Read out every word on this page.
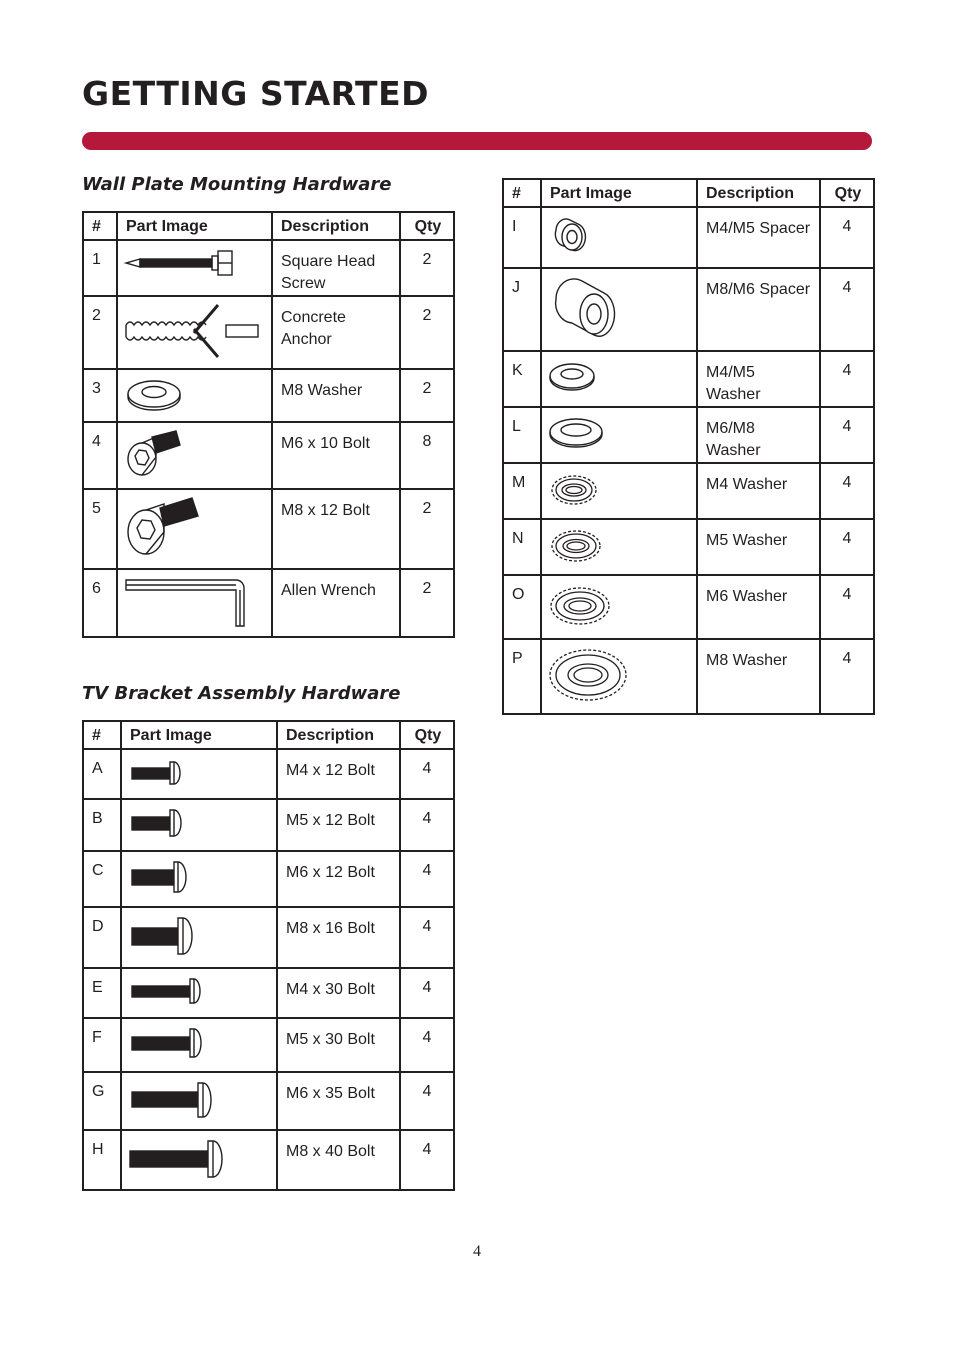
GETTING STARTED
Wall Plate Mounting Hardware
#	Part Image	Description	Qty
1		Square Head Screw	2
2		Concrete Anchor	2
3		M8 Washer	2
4		M6 x 10 Bolt	8
5		M8 x 12 Bolt	2
6		Allen Wrench	2
TV Bracket Assembly Hardware
#	Part Image	Description	Qty
A		M4 x 12 Bolt	4
B		M5 x 12 Bolt	4
C		M6 x 12 Bolt	4
D		M8 x 16 Bolt	4
E		M4 x 30 Bolt	4
F		M5 x 30 Bolt	4
G		M6 x 35 Bolt	4
H		M8 x 40 Bolt	4
#	Part Image	Description	Qty
I		M4/M5 Spacer	4
J		M8/M6 Spacer	4
K		M4/M5 Washer	4
L		M6/M8 Washer	4
M		M4 Washer	4
N		M5 Washer	4
O		M6 Washer	4
P		M8 Washer	4
4
